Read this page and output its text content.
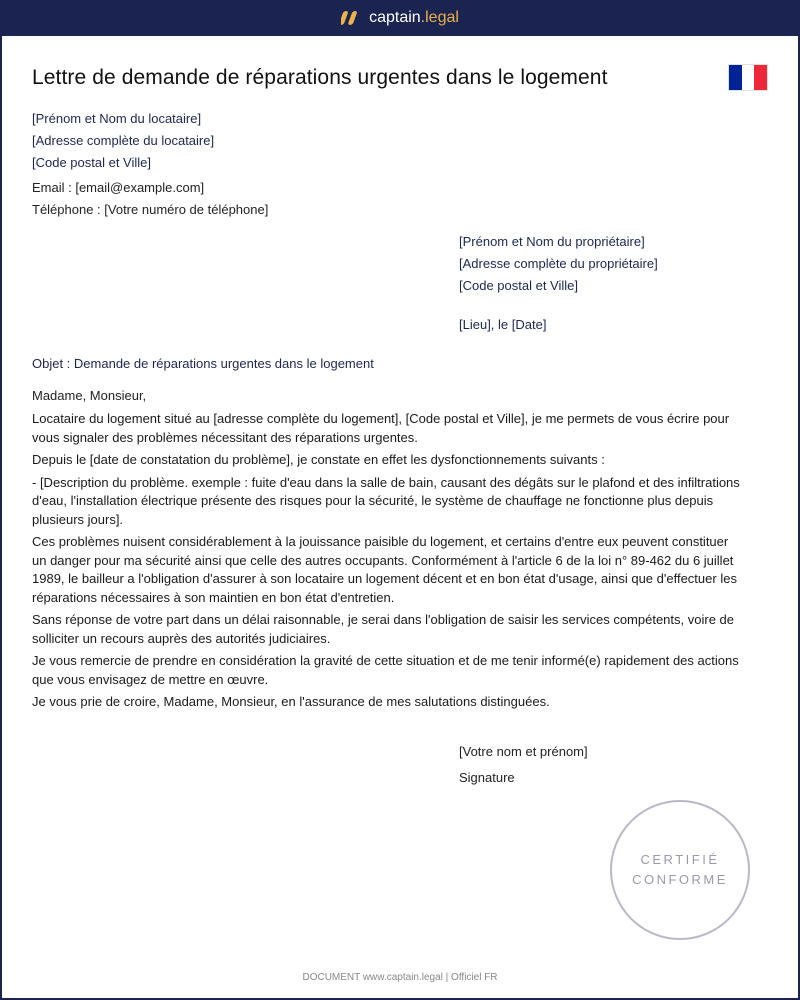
captain.legal
Lettre de demande de réparations urgentes dans le logement
[Prénom et Nom du locataire]
[Adresse complète du locataire]
[Code postal et Ville]
Email : [email@example.com]
Téléphone : [Votre numéro de téléphone]
[Prénom et Nom du propriétaire]
[Adresse complète du propriétaire]
[Code postal et Ville]
[Lieu], le [Date]
Objet : Demande de réparations urgentes dans le logement
Madame, Monsieur,

Locataire du logement situé au [adresse complète du logement], [Code postal et Ville], je me permets de vous écrire pour vous signaler des problèmes nécessitant des réparations urgentes.

Depuis le [date de constatation du problème], je constate en effet les dysfonctionnements suivants :

- [Description du problème. exemple : fuite d'eau dans la salle de bain, causant des dégâts sur le plafond et des infiltrations d'eau, l'installation électrique présente des risques pour la sécurité, le système de chauffage ne fonctionne plus depuis plusieurs jours].

Ces problèmes nuisent considérablement à la jouissance paisible du logement, et certains d'entre eux peuvent constituer un danger pour ma sécurité ainsi que celle des autres occupants. Conformément à l'article 6 de la loi n° 89-462 du 6 juillet 1989, le bailleur a l'obligation d'assurer à son locataire un logement décent et en bon état d'usage, ainsi que d'effectuer les réparations nécessaires à son maintien en bon état d'entretien.

Sans réponse de votre part dans un délai raisonnable, je serai dans l'obligation de saisir les services compétents, voire de solliciter un recours auprès des autorités judiciaires.

Je vous remercie de prendre en considération la gravité de cette situation et de me tenir informé(e) rapidement des actions que vous envisagez de mettre en œuvre.

Je vous prie de croire, Madame, Monsieur, en l'assurance de mes salutations distinguées.

[Votre nom et prénom]
Signature
CERTIFIÉ
CONFORME
DOCUMENT www.captain.legal | Officiel FR
